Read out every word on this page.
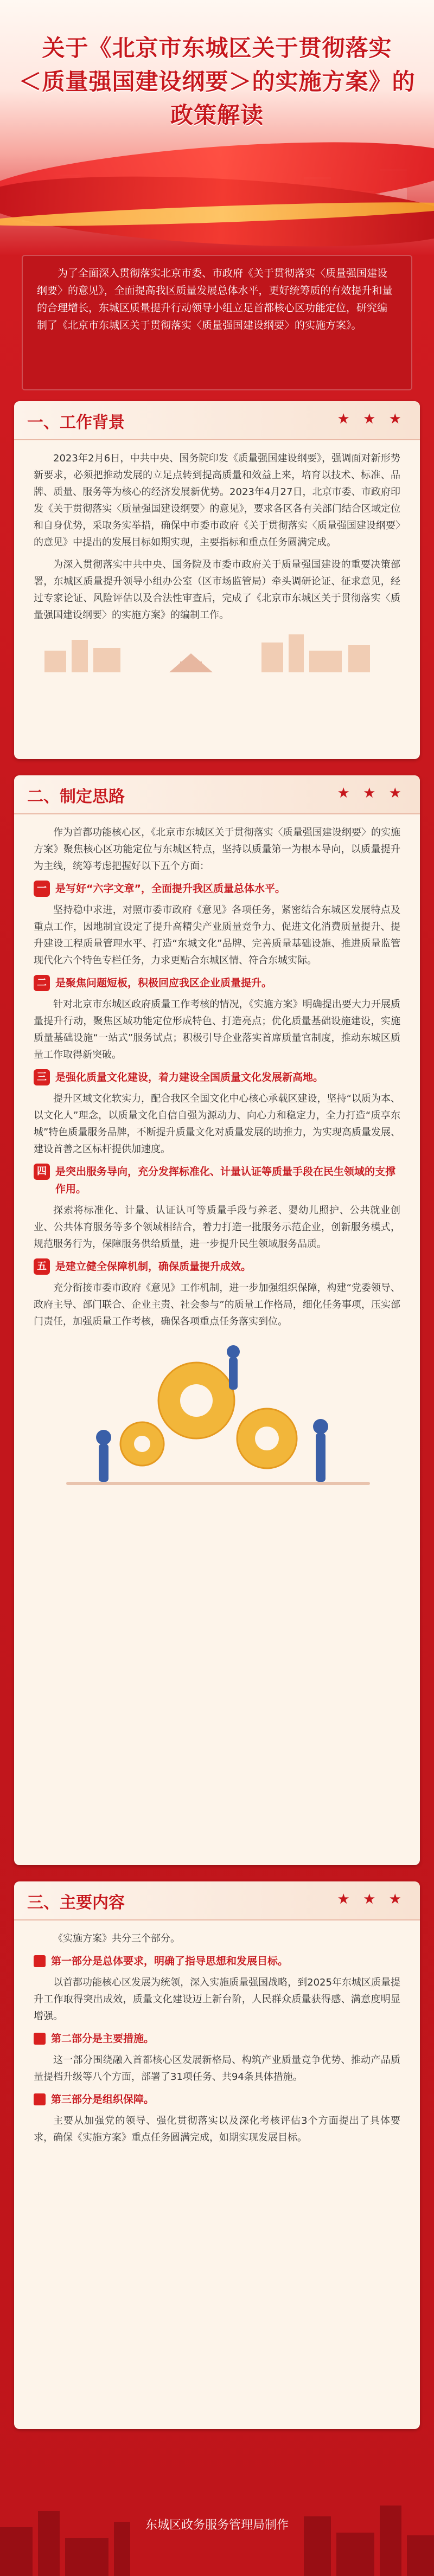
关于《北京市东城区关于贯彻落实
＜质量强国建设纲要＞的实施方案》的
政策解读

为了全面深入贯彻落实北京市委、市政府《关于贯彻落实〈质量强国建设纲要〉的意见》，全面提高我区质量发展总体水平，更好统筹质的有效提升和量的合理增长，东城区质量提升行动领导小组立足首都核心区功能定位，研究编制了《北京市东城区关于贯彻落实〈质量强国建设纲要〉的实施方案》。

一、工作背景	★ ★ ★

2023年2月6日，中共中央、国务院印发《质量强国建设纲要》，强调面对新形势新要求，必须把推动发展的立足点转到提高质量和效益上来，培育以技术、标准、品牌、质量、服务等为核心的经济发展新优势。2023年4月27日，北京市委、市政府印发《关于贯彻落实〈质量强国建设纲要〉的意见》，要求各区各有关部门结合区域定位和自身优势，采取务实举措，确保中市委市政府《关于贯彻落实〈质量强国建设纲要〉的意见》中提出的发展目标如期实现，主要指标和重点任务圆满完成。

为深入贯彻落实中共中央、国务院及市委市政府关于质量强国建设的重要决策部署，东城区质量提升领导小组办公室（区市场监管局）牵头调研论证、征求意见，经过专家论证、风险评估以及合法性审查后，完成了《北京市东城区关于贯彻落实〈质量强国建设纲要〉的实施方案》的编制工作。

二、制定思路	★ ★ ★

作为首都功能核心区，《北京市东城区关于贯彻落实〈质量强国建设纲要〉的实施方案》聚焦核心区功能定位与东城区特点，坚持以质量第一为根本导向，以质量提升为主线，统筹考虑把握好以下五个方面：

一 是写好“六字文章”，全面提升我区质量总体水平。

坚持稳中求进，对照市委市政府《意见》各项任务，紧密结合东城区发展特点及重点工作，因地制宜设定了提升高精尖产业质量竞争力、促进文化消费质量提升、提升建设工程质量管理水平、打造“东城文化”品牌、完善质量基础设施、推进质量监管现代化六个特色专栏任务，力求更贴合东城区情、符合东城实际。

二 是聚焦问题短板，积极回应我区企业质量提升。

针对北京市东城区政府质量工作考核的情况，《实施方案》明确提出要大力开展质量提升行动，聚焦区域功能定位形成特色、打造亮点；优化质量基础设施建设，实施质量基础设施“一站式”服务试点；积极引导企业落实首席质量官制度，推动东城区质量工作取得新突破。

三 是强化质量文化建设，着力建设全国质量文化发展新高地。

提升区域文化软实力，配合我区全国文化中心核心承载区建设，坚持“以质为本、以文化人”理念，以质量文化自信自强为源动力、向心力和稳定力，全力打造“质享东城”特色质量服务品牌，不断提升质量文化对质量发展的助推力，为实现高质量发展、建设首善之区标杆提供加速度。

四 是突出服务导向，充分发挥标准化、计量认证等质量手段在民生领域的支撑作用。

探索将标准化、计量、认证认可等质量手段与养老、婴幼儿照护、公共就业创业、公共体育服务等多个领域相结合，着力打造一批服务示范企业，创新服务模式，规范服务行为，保障服务供给质量，进一步提升民生领域服务品质。

五 是建立健全保障机制，确保质量提升成效。

充分衔接市委市政府《意见》工作机制，进一步加强组织保障，构建“党委领导、政府主导、部门联合、企业主责、社会参与”的质量工作格局，细化任务事项，压实部门责任，加强质量工作考核，确保各项重点任务落实到位。

三、主要内容	★ ★ ★

《实施方案》共分三个部分。

第一部分是总体要求，明确了指导思想和发展目标。

以首都功能核心区发展为统领，深入实施质量强国战略，到2025年东城区质量提升工作取得突出成效，质量文化建设迈上新台阶，人民群众质量获得感、满意度明显增强。

第二部分是主要措施。

这一部分围绕融入首都核心区发展新格局、构筑产业质量竞争优势、推动产品质量提档升级等八个方面，部署了31项任务、共94条具体措施。

第三部分是组织保障。

主要从加强党的领导、强化贯彻落实以及深化考核评估3个方面提出了具体要求，确保《实施方案》重点任务圆满完成，如期实现发展目标。

东城区政务服务管理局制作
